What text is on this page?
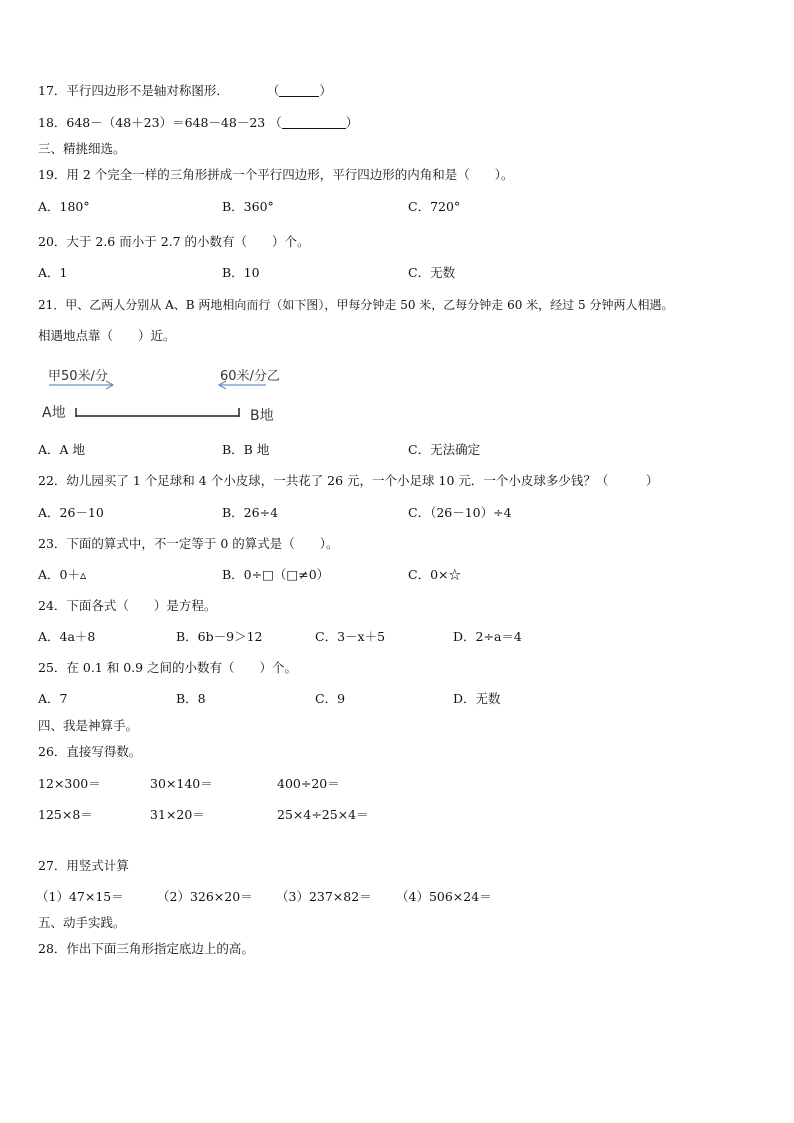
17．平行四边形不是轴对称图形．	（	）
18．648－（48＋23）＝648－48－23 （	）
三、精挑细选。
19．用 2 个完全一样的三角形拼成一个平行四边形，平行四边形的内角和是（　　）。
A．180°	B．360°	C．720°
20．大于 2.6 而小于 2.7 的小数有（　　）个。
A．1	B．10	C．无数
21．甲、乙两人分别从 A、B 两地相向而行（如下图），甲每分钟走 50 米，乙每分钟走 60 米，经过 5 分钟两人相遇。
相遇地点靠（　　）近。
甲50米/分	60米/分乙
A地	B地
A．A 地	B．B 地	C．无法确定
22．幼儿园买了 1 个足球和 4 个小皮球，一共花了 26 元，一个小足球 10 元．一个小皮球多少钱？（　　　）
A．26－10	B．26÷4	C．（26－10）÷4
23．下面的算式中，不一定等于 0 的算式是（　　）。
A．0＋▵	B．0÷□（□≠0）	C．0×☆
24．下面各式（　　）是方程。
A．4a＋8	B．6b－9＞12	C．3－x＋5	D．2÷a＝4
25．在 0.1 和 0.9 之间的小数有（　　）个。
A．7	B．8	C．9	D．无数
四、我是神算手。
26．直接写得数。
12×300＝	30×140＝	400÷20＝
125×8＝	31×20＝	25×4÷25×4＝
27．用竖式计算
（1）47×15＝	（2）326×20＝ （3）237×82＝ （4）506×24＝
五、动手实践。
28．作出下面三角形指定底边上的高。
